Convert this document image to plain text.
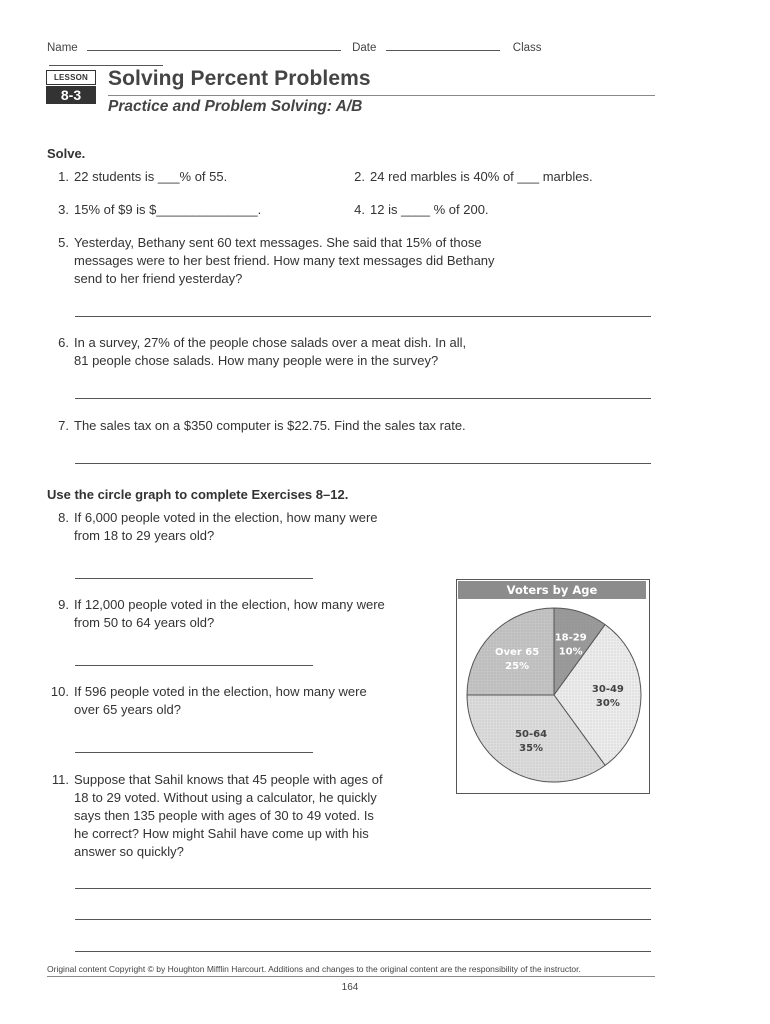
Name	Date	Class
LESSON
8-3
Solving Percent Problems
Practice and Problem Solving: A/B
Solve.
1. 22 students is ___% of 55.	2. 24 red marbles is 40% of ___ marbles.
3. 15% of $9 is $______________.	4. 12 is ____ % of 200.
5. Yesterday, Bethany sent 60 text messages. She said that 15% of those
messages were to her best friend. How many text messages did Bethany
send to her friend yesterday?
6. In a survey, 27% of the people chose salads over a meat dish. In all,
81 people chose salads. How many people were in the survey?
7. The sales tax on a $350 computer is $22.75. Find the sales tax rate.
Use the circle graph to complete Exercises 8–12.
8. If 6,000 people voted in the election, how many were
from 18 to 29 years old?
9. If 12,000 people voted in the election, how many were
from 50 to 64 years old?
10. If 596 people voted in the election, how many were
over 65 years old?
11. Suppose that Sahil knows that 45 people with ages of
18 to 29 voted. Without using a calculator, he quickly
says then 135 people with ages of 30 to 49 voted. Is
he correct? How might Sahil have come up with his
answer so quickly?
Voters by Age
18-29
10%
30-49
30%
50-64
35%
Over 65
25%
Original content Copyright © by Houghton Mifflin Harcourt. Additions and changes to the original content are the responsibility of the instructor.
164
